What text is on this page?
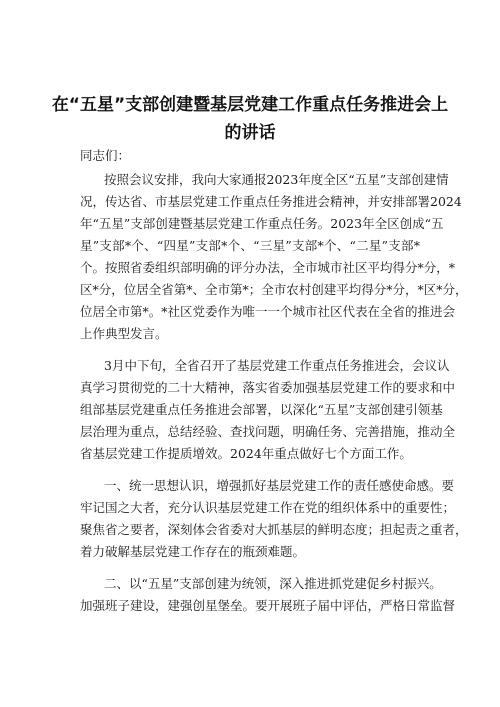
在“五星”支部创建暨基层党建工作重点任务推进会上
的讲话
同志们：
按照会议安排，我向大家通报2023年度全区“五星”支部创建情
况，传达省、市基层党建工作重点任务推进会精神，并安排部署2024
年“五星”支部创建暨基层党建工作重点任务。2023年全区创成“五
星”支部*个、“四星”支部*个、“三星”支部*个、“二星”支部*
个。按照省委组织部明确的评分办法，全市城市社区平均得分*分，*
区*分，位居全省第*、全市第*；全市农村创建平均得分*分，*区*分，
位居全市第*。*社区党委作为唯一一个城市社区代表在全省的推进会
上作典型发言。
3月中下旬，全省召开了基层党建工作重点任务推进会，会议认
真学习贯彻党的二十大精神，落实省委加强基层党建工作的要求和中
组部基层党建重点任务推进会部署，以深化“五星”支部创建引领基
层治理为重点，总结经验、查找问题，明确任务、完善措施，推动全
省基层党建工作提质增效。2024年重点做好七个方面工作。
一、统一思想认识，增强抓好基层党建工作的责任感使命感。要
牢记国之大者，充分认识基层党建工作在党的组织体系中的重要性；
聚焦省之要者，深刻体会省委对大抓基层的鲜明态度；担起责之重者，
着力破解基层党建工作存在的瓶颈难题。
二、以“五星”支部创建为统领，深入推进抓党建促乡村振兴。
加强班子建设，建强创星堡垒。要开展班子届中评估，严格日常监督
